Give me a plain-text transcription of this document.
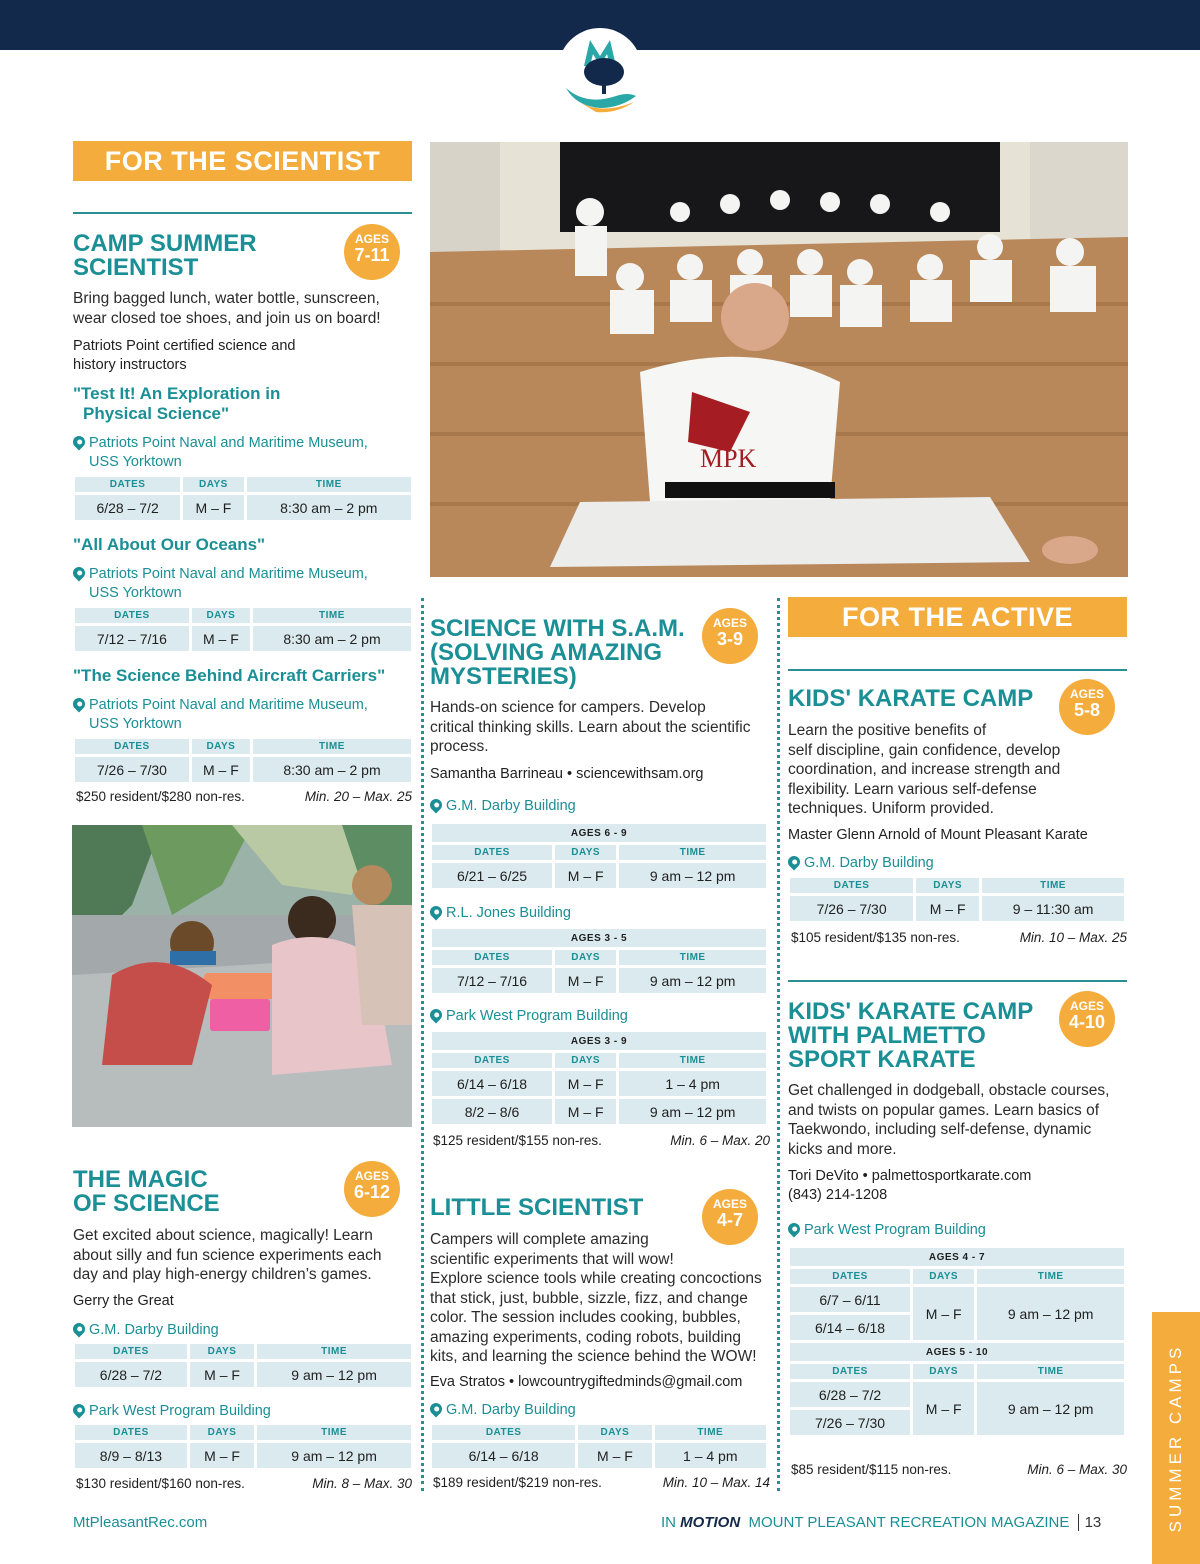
FOR THE SCIENTIST
CAMP SUMMER
SCIENTIST
AGES
7-11
Bring bagged lunch, water bottle, sunscreen,
wear closed toe shoes, and join us on board!
Patriots Point certified science and
history instructors
"Test It! An Exploration in
Physical Science"
Patriots Point Naval and Maritime Museum,
USS Yorktown
DATES	DAYS	TIME
6/28 – 7/2	M – F	8:30 am – 2 pm
"All About Our Oceans"
Patriots Point Naval and Maritime Museum,
USS Yorktown
DATES	DAYS	TIME
7/12 – 7/16	M – F	8:30 am – 2 pm
"The Science Behind Aircraft Carriers"
Patriots Point Naval and Maritime Museum,
USS Yorktown
DATES	DAYS	TIME
7/26 – 7/30	M – F	8:30 am – 2 pm
$250 resident/$280 non-res.	Min. 20 – Max. 25
THE MAGIC
OF SCIENCE
AGES
6-12
Get excited about science, magically! Learn
about silly and fun science experiments each
day and play high-energy children’s games.
Gerry the Great
G.M. Darby Building
DATES	DAYS	TIME
6/28 – 7/2	M – F	9 am – 12 pm
Park West Program Building
DATES	DAYS	TIME
8/9 – 8/13	M – F	9 am – 12 pm
$130 resident/$160 non-res.	Min. 8 – Max. 30
MPK
SCIENCE WITH S.A.M.
(SOLVING AMAZING
MYSTERIES)
AGES
3-9
Hands-on science for campers. Develop
critical thinking skills. Learn about the scientific
process.
Samantha Barrineau • sciencewithsam.org
G.M. Darby Building
AGES 6 - 9		
DATES	DAYS	TIME
6/21 – 6/25	M – F	9 am – 12 pm
R.L. Jones Building
AGES 3 - 5		
DATES	DAYS	TIME
7/12 – 7/16	M – F	9 am – 12 pm
Park West Program Building
AGES 3 - 9		
DATES	DAYS	TIME
6/14 – 6/18	M – F	1 – 4 pm
8/2 – 8/6	M – F	9 am – 12 pm
$125 resident/$155 non-res.	Min. 6 – Max. 20
LITTLE SCIENTIST	AGES
4-7
Campers will complete amazing
scientific experiments that will wow!
Explore science tools while creating concoctions
that stick, just, bubble, sizzle, fizz, and change
color. The session includes cooking, bubbles,
amazing experiments, coding robots, building
kits, and learning the science behind the WOW!
Eva Stratos • lowcountrygiftedminds@gmail.com
G.M. Darby Building
DATES	DAYS	TIME
6/14 – 6/18	M – F	1 – 4 pm
$189 resident/$219 non-res.	Min. 10 – Max. 14
FOR THE ACTIVE
KIDS' KARATE CAMP	AGES
5-8
Learn the positive benefits of
self discipline, gain confidence, develop
coordination, and increase strength and
flexibility. Learn various self-defense
techniques. Uniform provided.
Master Glenn Arnold of Mount Pleasant Karate
G.M. Darby Building
DATES	DAYS	TIME
7/26 – 7/30	M – F	9 – 11:30 am
$105 resident/$135 non-res.	Min. 10 – Max. 25
KIDS' KARATE CAMP
WITH PALMETTO
SPORT KARATE
AGES
4-10
Get challenged in dodgeball, obstacle courses,
and twists on popular games. Learn basics of
Taekwondo, including self-defense, dynamic
kicks and more.
Tori DeVito • palmettosportkarate.com
(843) 214-1208
Park West Program Building
AGES 4 - 7		
DATES	DAYS	TIME
6/7 – 6/11	M – F	9 am – 12 pm
6/14 – 6/18		
AGES 5 - 10		
DATES	DAYS	TIME
6/28 – 7/2	M – F	9 am – 12 pm
7/26 – 7/30		
$85 resident/$115 non-res.	Min. 6 – Max. 30 SUMMER CAMPS
MtPleasantRec.com	IN MOTION MOUNT PLEASANT RECREATION MAGAZINE 13
